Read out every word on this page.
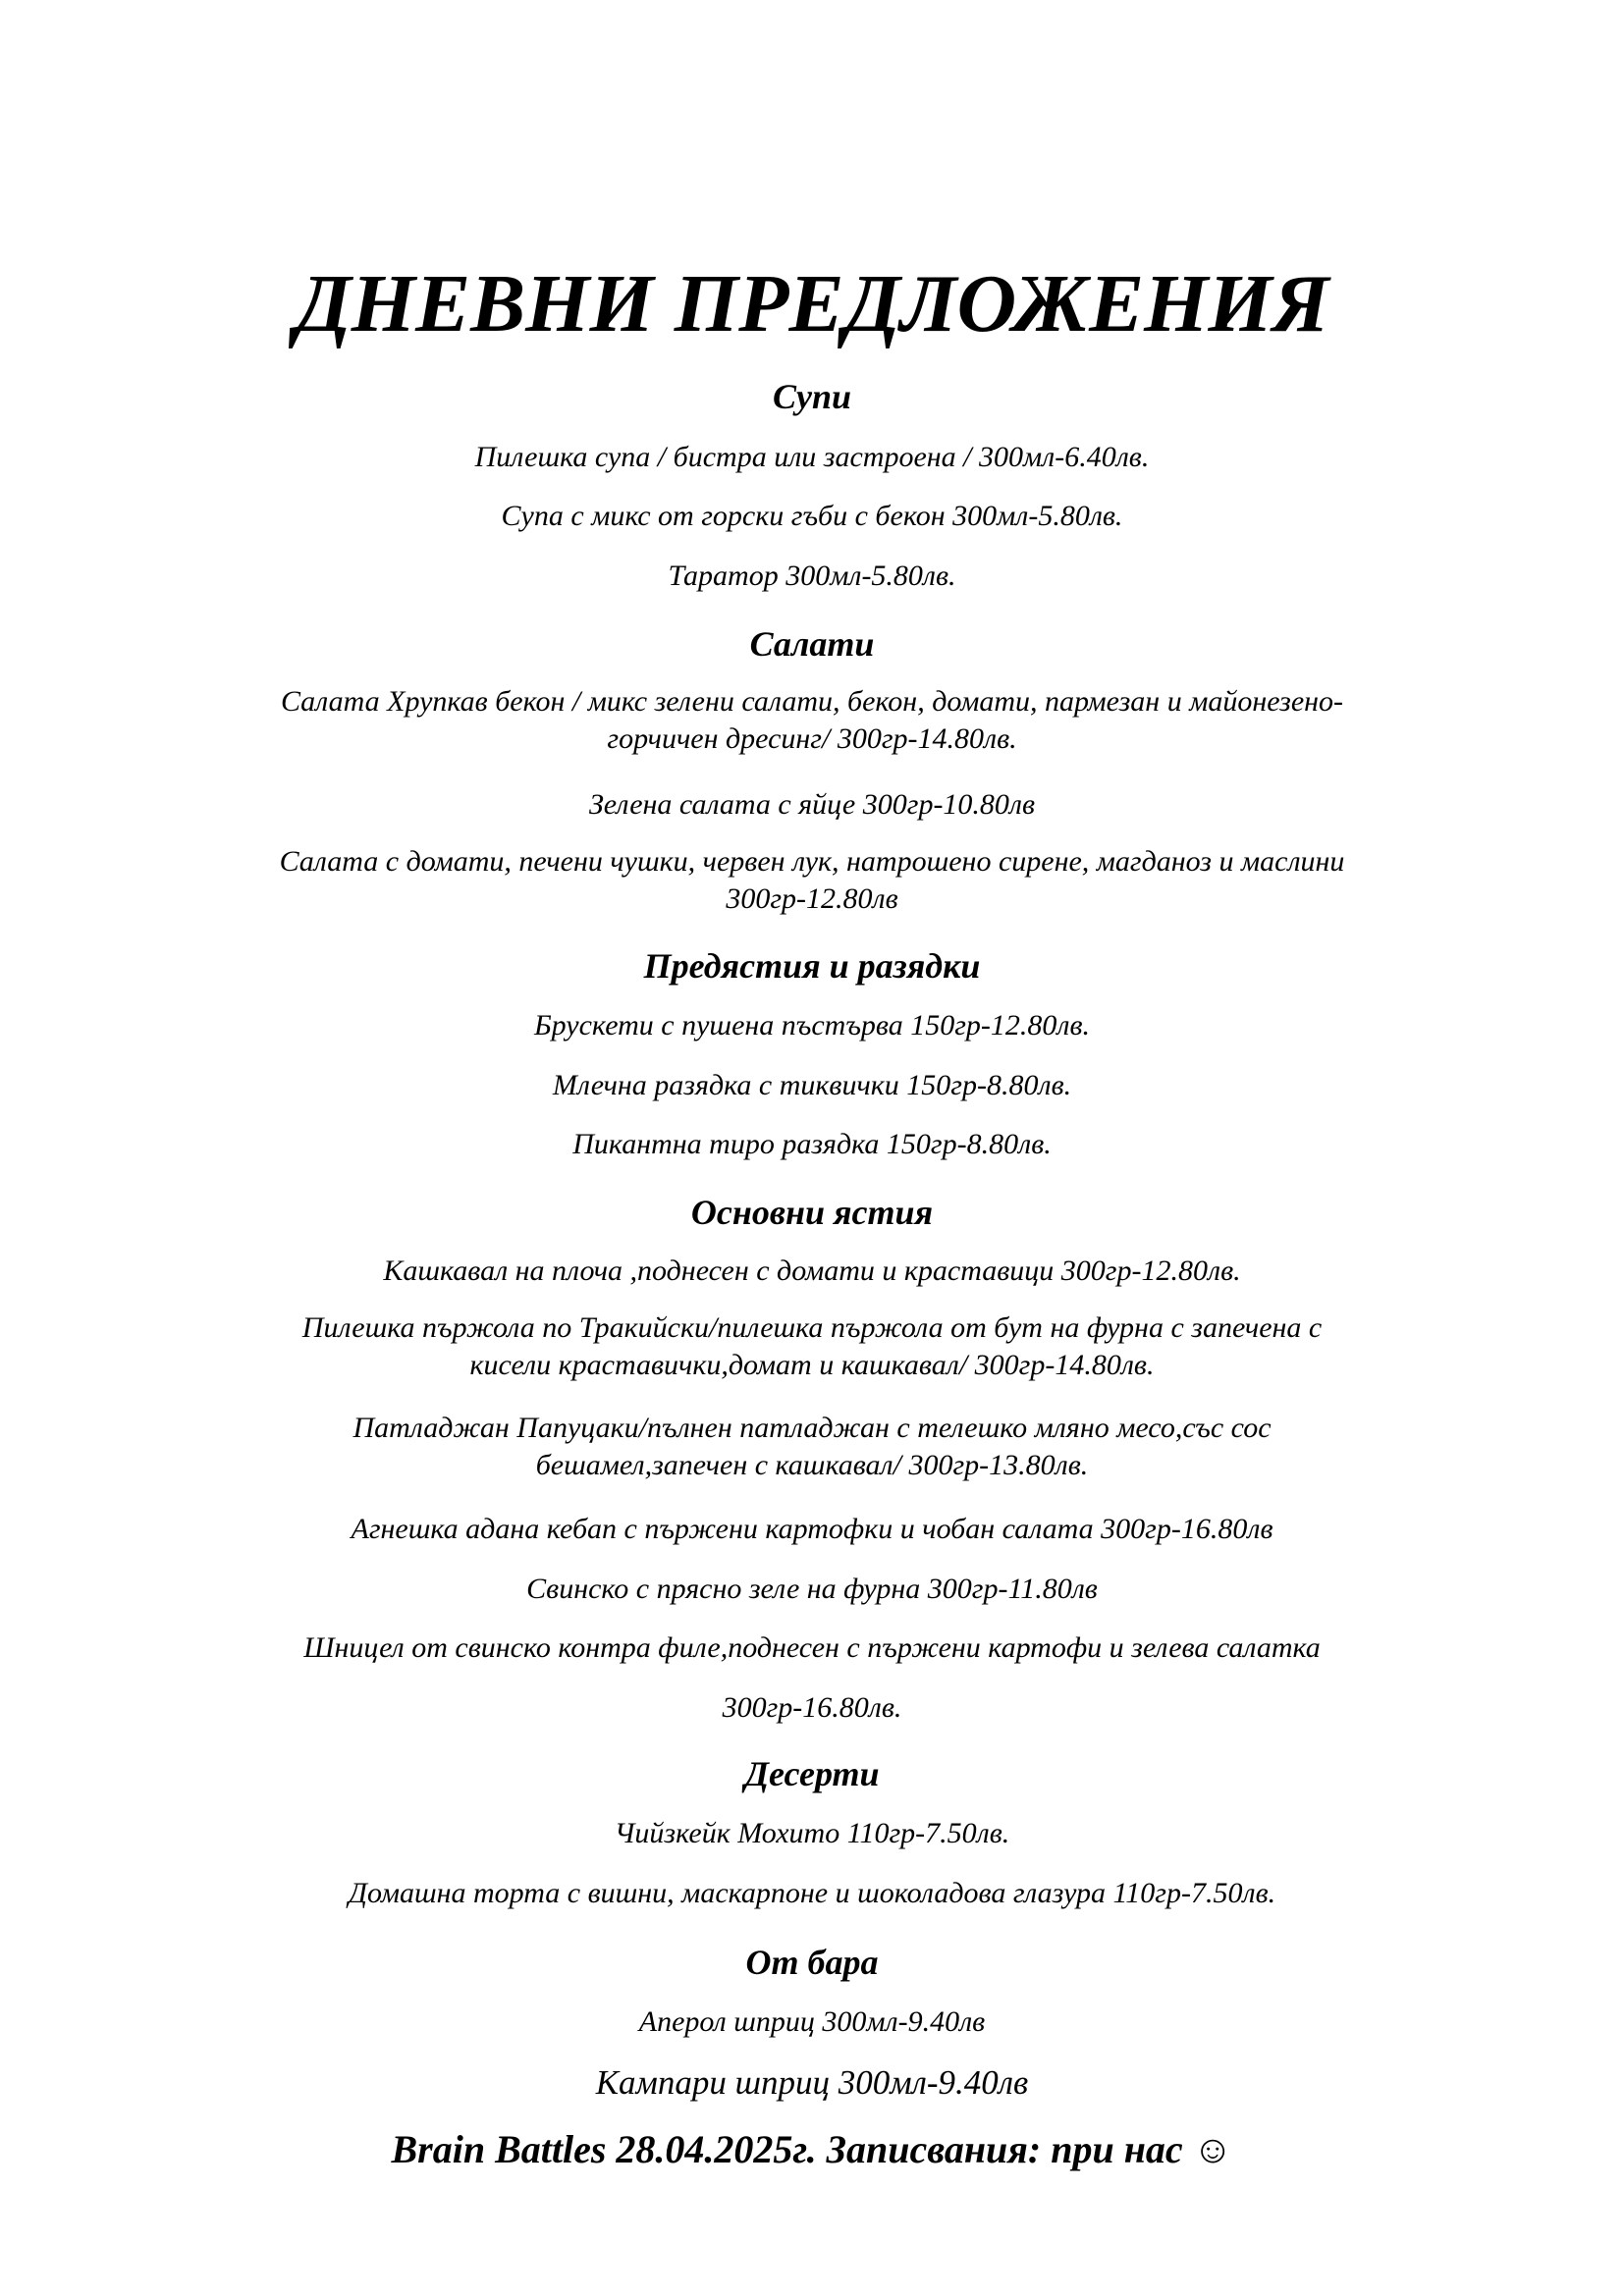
ДНЕВНИ ПРЕДЛОЖЕНИЯ
Супи
Пилешка супа / бистра или застроена / 300мл-6.40лв.
Супа с микс от горски гъби с бекон 300мл-5.80лв.
Таратор 300мл-5.80лв.
Салати
Салата Хрупкав бекон / микс зелени салати, бекон, домати, пармезан и майонезено-
горчичен дресинг/ 300гр-14.80лв.
Зелена салата с яйце 300гр-10.80лв
Салата с домати, печени чушки, червен лук, натрошено сирене, магданоз и маслини
300гр-12.80лв
Предястия и разядки
Брускети с пушена пъстърва 150гр-12.80лв.
Млечна разядка с тиквички 150гр-8.80лв.
Пикантна тиро разядка 150гр-8.80лв.
Основни ястия
Кашкавал на плоча ,поднесен с домати и краставици 300гр-12.80лв.
Пилешка пържола по Тракийски/пилешка пържола от бут на фурна с запечена с
кисели краставички,домат и кашкавал/ 300гр-14.80лв.
Патладжан Папуцаки/пълнен патладжан с телешко мляно месо,със сос
бешамел,запечен с кашкавал/ 300гр-13.80лв.
Агнешка адана кебап с пържени картофки и чобан салата 300гр-16.80лв
Свинско с прясно зеле на фурна 300гр-11.80лв
Шницел от свинско контра филе,поднесен с пържени картофи и зелева салатка
300гр-16.80лв.
Десерти
Чийзкейк Мохито 110гр-7.50лв.
Домашна торта с вишни, маскарпоне и шоколадова глазура 110гр-7.50лв.
От бара
Аперол шприц 300мл-9.40лв
Кампари шприц 300мл-9.40лв
Brain Battles 28.04.2025г. Записвания: при нас ☺
